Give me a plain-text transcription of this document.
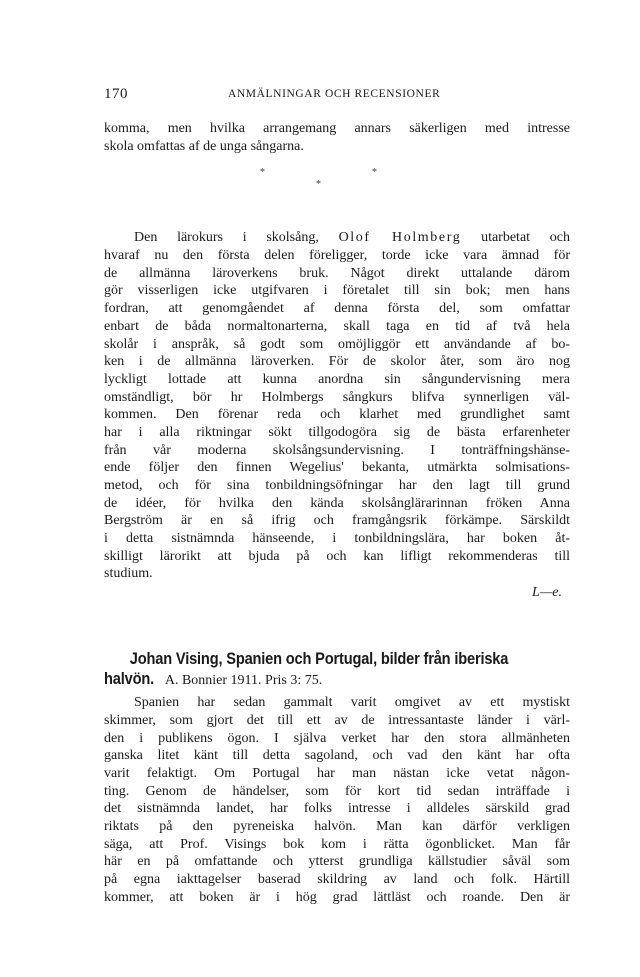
170	ANMÄLNINGAR OCH RECENSIONER
komma, men hvilka arrangemang annars säkerligen med intresse
skola omfattas af de unga sångarna.
*	*
*
Den lärokurs i skolsång, Olof Holmberg utarbetat och
hvaraf nu den första delen föreligger, torde icke vara ämnad för
de allmänna läroverkens bruk. Något direkt uttalande därom
gör visserligen icke utgifvaren i företalet till sin bok; men hans
fordran, att genomgåendet af denna första del, som omfattar
enbart de båda normaltonarterna, skall taga en tid af två hela
skolår i anspråk, så godt som omöjliggör ett användande af bo-
ken i de allmänna läroverken. För de skolor åter, som äro nog
lyckligt lottade att kunna anordna sin sångundervisning mera
omständligt, bör hr Holmbergs sångkurs blifva synnerligen väl-
kommen. Den förenar reda och klarhet med grundlighet samt
har i alla riktningar sökt tillgodogöra sig de bästa erfarenheter
från vår moderna skolsångsundervisning. I tonträffningshänse-
ende följer den finnen Wegelius' bekanta, utmärkta solmisations-
metod, och för sina tonbildningsöfningar har den lagt till grund
de idéer, för hvilka den kända skolsånglärarinnan fröken Anna
Bergström är en så ifrig och framgångsrik förkämpe. Särskildt
i detta sistnämnda hänseende, i tonbildningslära, har boken åt-
skilligt lärorikt att bjuda på och kan lifligt rekommenderas till
studium.
L—e.
Johan Vising, Spanien och Portugal, bilder från iberiska
halvön. A. Bonnier 1911. Pris 3: 75.
Spanien har sedan gammalt varit omgivet av ett mystiskt
skimmer, som gjort det till ett av de intressantaste länder i värl-
den i publikens ögon. I själva verket har den stora allmänheten
ganska litet känt till detta sagoland, och vad den känt har ofta
varit felaktigt. Om Portugal har man nästan icke vetat någon-
ting. Genom de händelser, som för kort tid sedan inträffade i
det sistnämnda landet, har folks intresse i alldeles särskild grad
riktats på den pyreneiska halvön. Man kan därför verkligen
säga, att Prof. Visings bok kom i rätta ögonblicket. Man får
här en på omfattande och ytterst grundliga källstudier såväl som
på egna iakttagelser baserad skildring av land och folk. Härtill
kommer, att boken är i hög grad lättläst och roande. Den är
